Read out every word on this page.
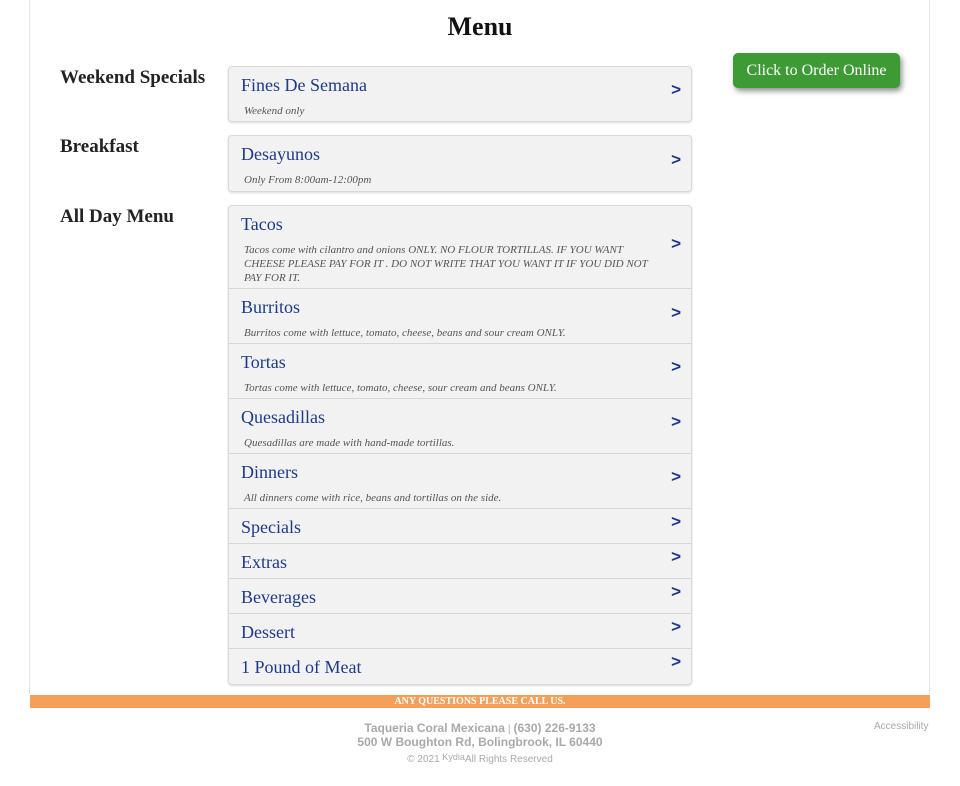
Menu
Click to Order Online
Weekend Specials Fines De Semana
Weekend only
>
Breakfast	Desayunos
Only From 8:00am-12:00pm
>
All Day Menu	Tacos
Tacos come with cilantro and onions ONLY. NO FLOUR TORTILLAS. IF YOU WANT CHEESE PLEASE PAY FOR IT . DO NOT WRITE THAT YOU WANT IT IF YOU DID NOT PAY FOR IT.
>
Burritos
Burritos come with lettuce, tomato, cheese, beans and sour cream ONLY.
>
Tortas
Tortas come with lettuce, tomato, cheese, sour cream and beans ONLY.
>
Quesadillas
Quesadillas are made with hand-made tortillas.
>
Dinners
All dinners come with rice, beans and tortillas on the side.
>
Specials	>
Extras	>
Beverages	>
Dessert	>
1 Pound of Meat	>
ANY QUESTIONS PLEASE CALL US.
Taqueria Coral Mexicana | (630) 226-9133
500 W Boughton Rd, Bolingbrook, IL 60440
© 2021 KydiaAll Rights Reserved
Accessibility
